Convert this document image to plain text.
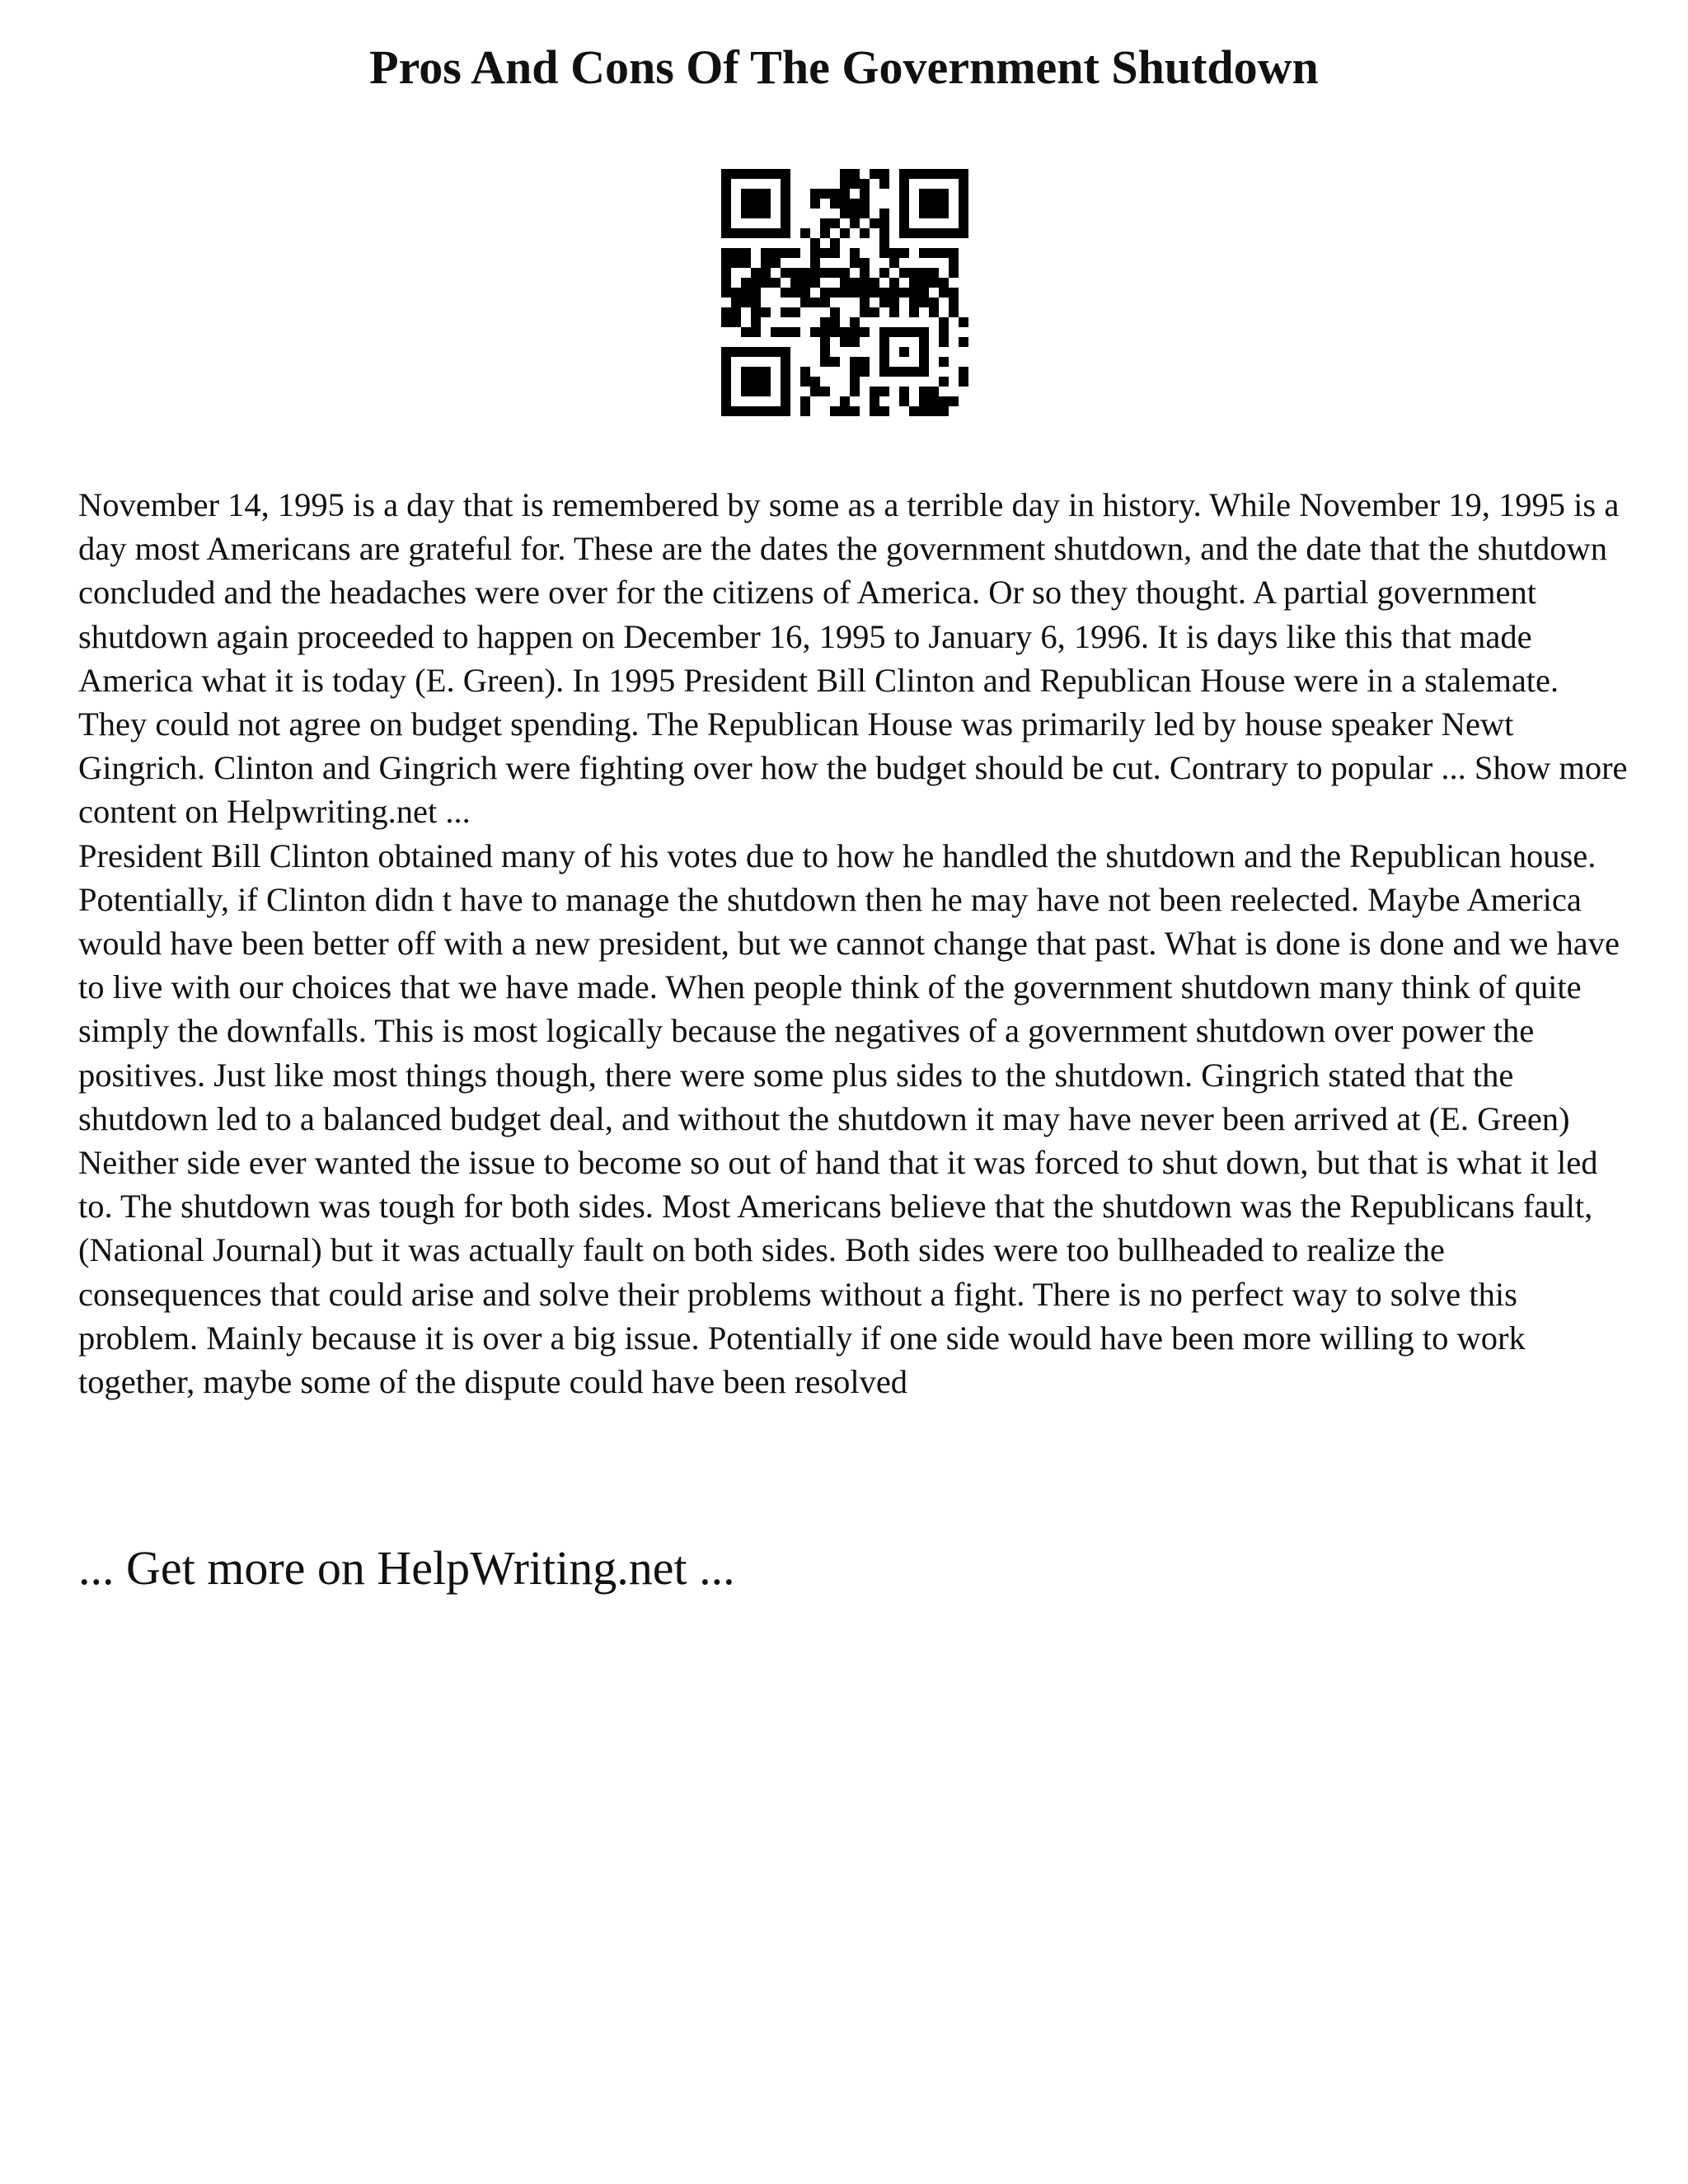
Pros And Cons Of The Government Shutdown

November 14, 1995 is a day that is remembered by some as a terrible day in history. While November 19, 1995 is a day most Americans are grateful for. These are the dates the government shutdown, and the date that the shutdown concluded and the headaches were over for the citizens of America. Or so they thought. A partial government shutdown again proceeded to happen on December 16, 1995 to January 6, 1996. It is days like this that made America what it is today (E. Green). In 1995 President Bill Clinton and Republican House were in a stalemate. They could not agree on budget spending. The Republican House was primarily led by house speaker Newt Gingrich. Clinton and Gingrich were fighting over how the budget should be cut. Contrary to popular ... Show more content on Helpwriting.net ...

President Bill Clinton obtained many of his votes due to how he handled the shutdown and the Republican house. Potentially, if Clinton didn t have to manage the shutdown then he may have not been reelected. Maybe America would have been better off with a new president, but we cannot change that past. What is done is done and we have to live with our choices that we have made. When people think of the government shutdown many think of quite simply the downfalls. This is most logically because the negatives of a government shutdown over power the positives. Just like most things though, there were some plus sides to the shutdown. Gingrich stated that the shutdown led to a balanced budget deal, and without the shutdown it may have never been arrived at (E. Green) Neither side ever wanted the issue to become so out of hand that it was forced to shut down, but that is what it led to. The shutdown was tough for both sides. Most Americans believe that the shutdown was the Republicans fault, (National Journal) but it was actually fault on both sides. Both sides were too bullheaded to realize the consequences that could arise and solve their problems without a fight. There is no perfect way to solve this problem. Mainly because it is over a big issue. Potentially if one side would have been more willing to work together, maybe some of the dispute could have been resolved

... Get more on HelpWriting.net ...
